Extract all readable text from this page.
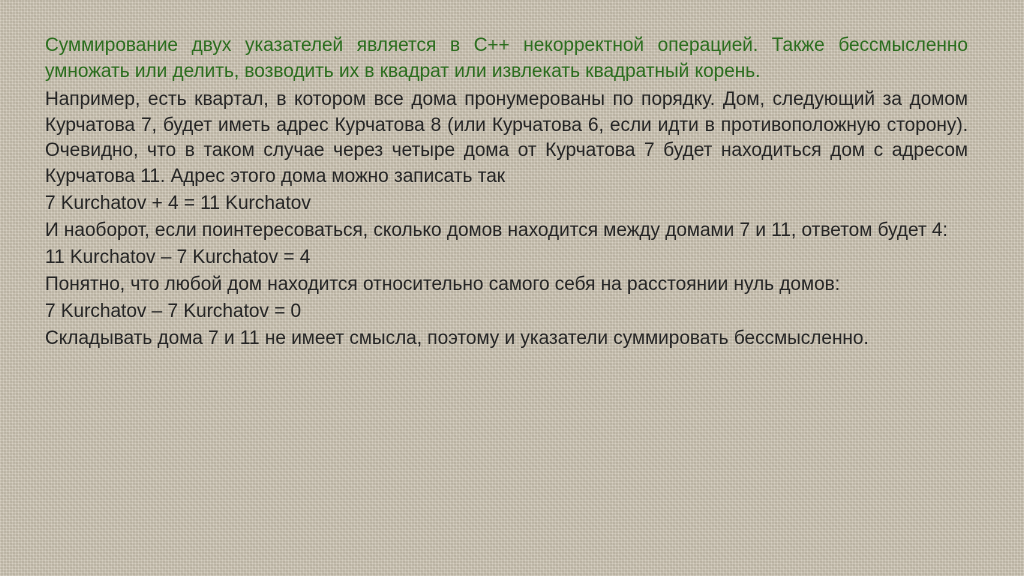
Суммирование двух указателей является в С++ некорректной операцией. Также бессмысленно умножать или делить, возводить их в квадрат или извлекать квадратный корень.

Например, есть квартал, в котором все дома пронумерованы по порядку. Дом, следующий за домом Курчатова 7, будет иметь адрес Курчатова 8 (или Курчатова 6, если идти в противоположную сторону). Очевидно, что в таком случае через четыре дома от Курчатова 7 будет находиться дом с адресом Курчатова 11. Адрес этого дома можно записать так

7 Kurchatov + 4 = 11 Kurchatov

И наоборот, если поинтересоваться, сколько домов находится между домами 7 и 11, ответом будет 4:

11 Kurchatov – 7 Kurchatov = 4

Понятно, что любой дом находится относительно самого себя на расстоянии нуль домов:

7 Kurchatov – 7 Kurchatov = 0

Складывать дома 7 и 11 не имеет смысла, поэтому и указатели суммировать бессмысленно.
